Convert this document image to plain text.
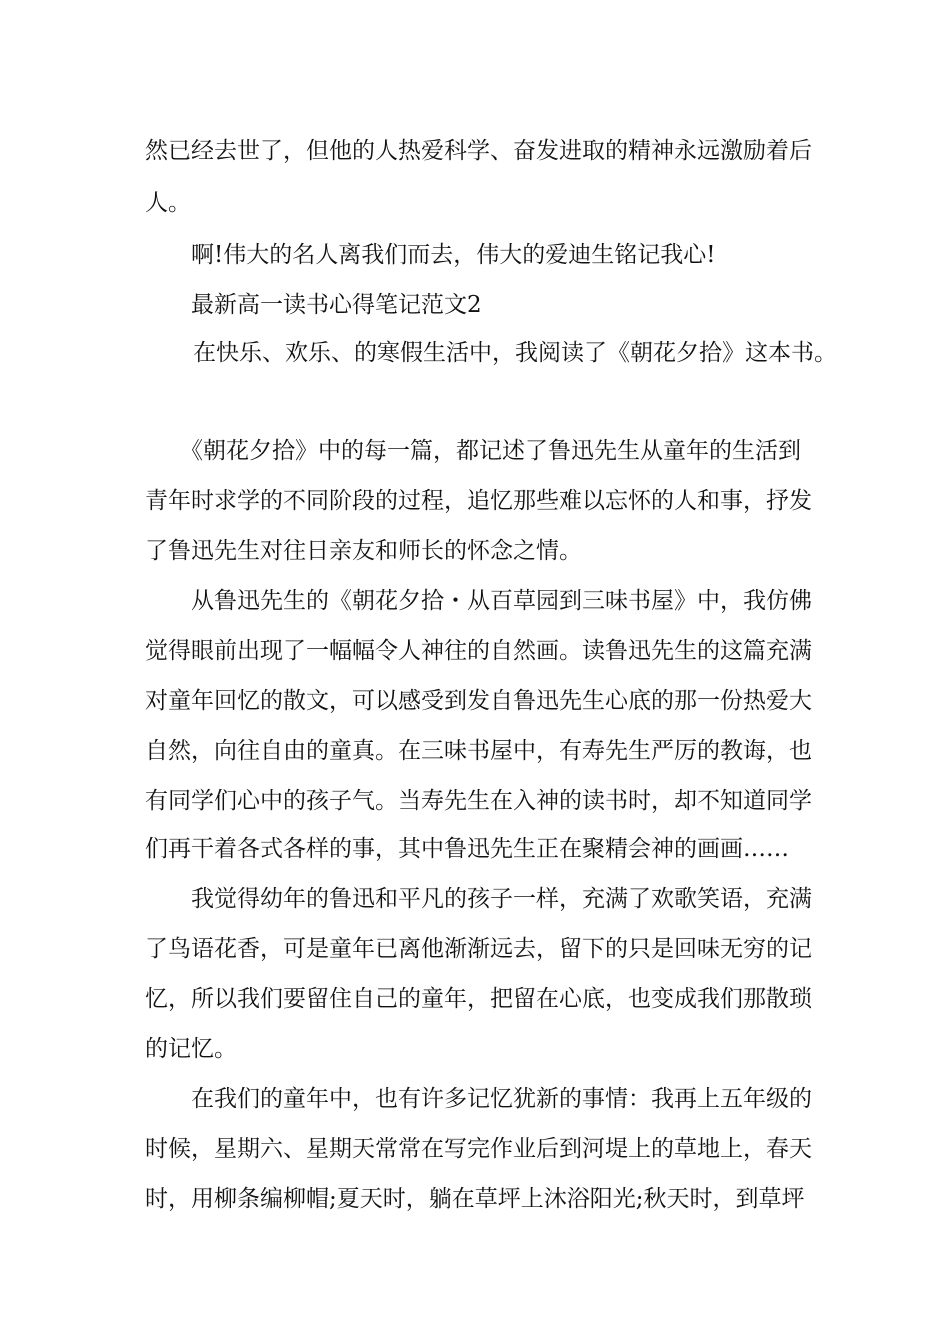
然已经去世了，但他的人热爱科学、奋发进取的精神永远激励着后

人。

啊!伟大的名人离我们而去，伟大的爱迪生铭记我心!

最新高一读书心得笔记范文2

在快乐、欢乐、的寒假生活中，我阅读了《朝花夕拾》这本书。

《朝花夕拾》中的每一篇，都记述了鲁迅先生从童年的生活到

青年时求学的不同阶段的过程，追忆那些难以忘怀的人和事，抒发

了鲁迅先生对往日亲友和师长的怀念之情。

从鲁迅先生的《朝花夕拾・从百草园到三味书屋》中，我仿佛

觉得眼前出现了一幅幅令人神往的自然画。读鲁迅先生的这篇充满

对童年回忆的散文，可以感受到发自鲁迅先生心底的那一份热爱大

自然，向往自由的童真。在三味书屋中，有寿先生严厉的教诲，也

有同学们心中的孩子气。当寿先生在入神的读书时，却不知道同学

们再干着各式各样的事，其中鲁迅先生正在聚精会神的画画……

我觉得幼年的鲁迅和平凡的孩子一样，充满了欢歌笑语，充满

了鸟语花香，可是童年已离他渐渐远去，留下的只是回味无穷的记

忆，所以我们要留住自己的童年，把留在心底，也变成我们那散琐

的记忆。

在我们的童年中，也有许多记忆犹新的事情：我再上五年级的

时候，星期六、星期天常常在写完作业后到河堤上的草地上，春天

时，用柳条编柳帽;夏天时，躺在草坪上沐浴阳光;秋天时，到草坪
